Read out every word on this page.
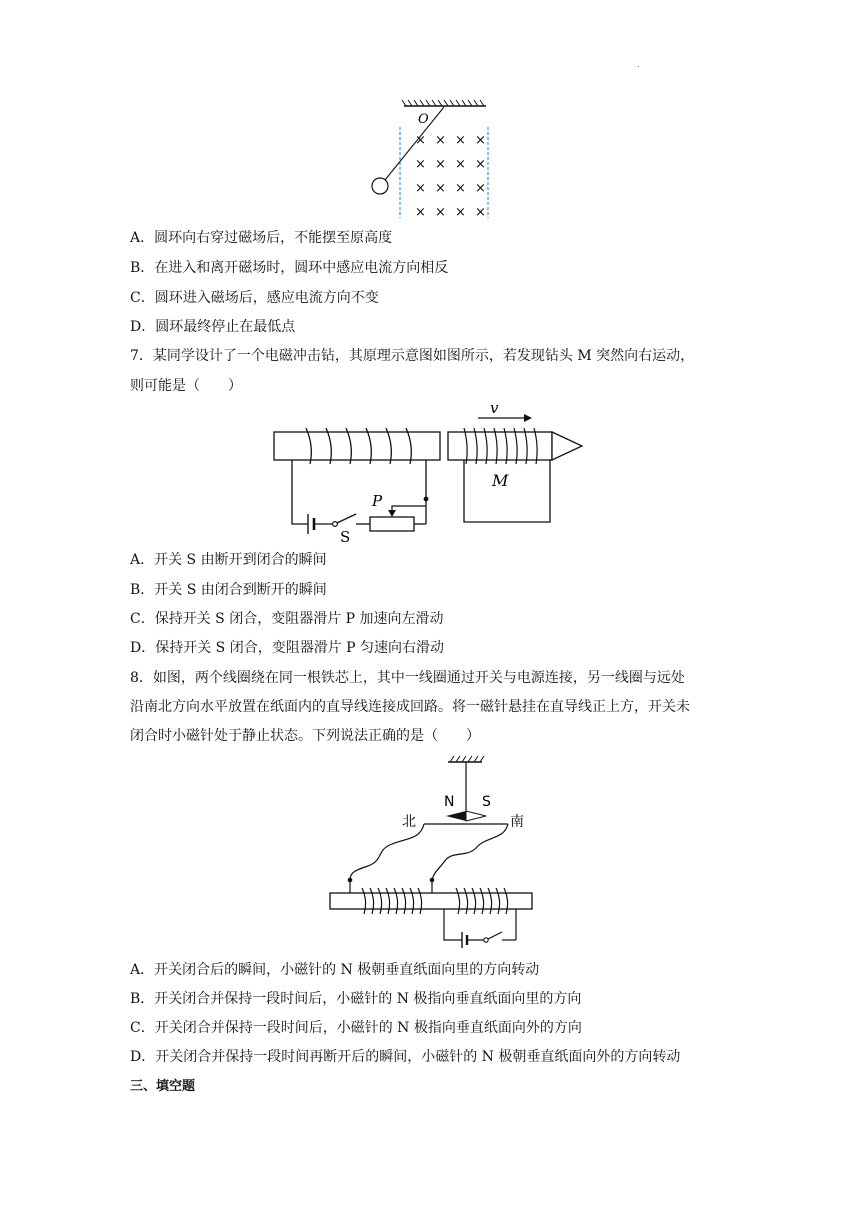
.
O
× × × ×
× × × ×
× × × ×
× × × ×
A．圆环向右穿过磁场后，不能摆至原高度
B．在进入和离开磁场时，圆环中感应电流方向相反
C．圆环进入磁场后，感应电流方向不变
D．圆环最终停止在最低点
7．某同学设计了一个电磁冲击钻，其原理示意图如图所示，若发现钻头 M 突然向右运动，
则可能是（　　）
v
M
S
P
A．开关 S 由断开到闭合的瞬间
B．开关 S 由闭合到断开的瞬间
C．保持开关 S 闭合，变阻器滑片 P 加速向左滑动
D．保持开关 S 闭合，变阻器滑片 P 匀速向右滑动
8．如图，两个线圈绕在同一根铁芯上，其中一线圈通过开关与电源连接，另一线圈与远处
沿南北方向水平放置在纸面内的直导线连接成回路。将一磁针悬挂在直导线正上方，开关未
闭合时小磁针处于静止状态。下列说法正确的是（　　）
N S
北	南
A．开关闭合后的瞬间，小磁针的 N 极朝垂直纸面向里的方向转动
B．开关闭合并保持一段时间后，小磁针的 N 极指向垂直纸面向里的方向
C．开关闭合并保持一段时间后，小磁针的 N 极指向垂直纸面向外的方向
D．开关闭合并保持一段时间再断开后的瞬间，小磁针的 N 极朝垂直纸面向外的方向转动
三、填空题
